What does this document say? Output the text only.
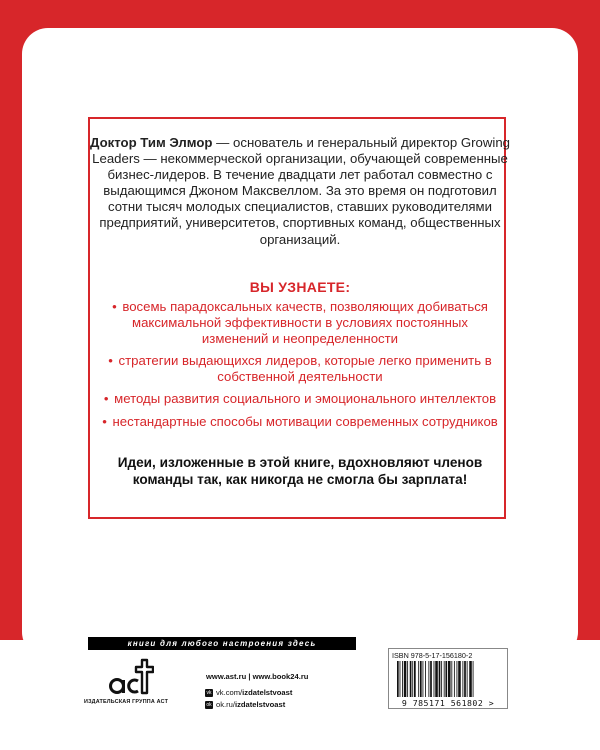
Доктор Тим Элмор — основатель и генеральный директор Growing Leaders — некоммерческой организации, обучающей современные бизнес-лидеров. В течение двадцати лет работал совместно с выдающимся Джоном Максвеллом. За это время он подготовил сотни тысяч молодых специалистов, ставших руководителями предприятий, университетов, спортивных команд, общественных организаций.
ВЫ УЗНАЕТЕ:
• восемь парадоксальных качеств, позволяющих добиваться максимальной эффективности в условиях постоянных изменений и неопределенности
• стратегии выдающихся лидеров, которые легко применить в собственной деятельности
• методы развития социального и эмоционального интеллектов
• нестандартные способы мотивации современных сотрудников
Идеи, изложенные в этой книге, вдохновляют членов команды так, как никогда не смогла бы зарплата!
книги для любого настроения здесь
ИЗДАТЕЛЬСКАЯ ГРУППА АСТ
www.ast.ru | www.book24.ru
vk vk.com/ izdatelstvoast
ok ok.ru/ izdatelstvoast
ISBN 978-5-17-156180-2
9 785171 561802 >
